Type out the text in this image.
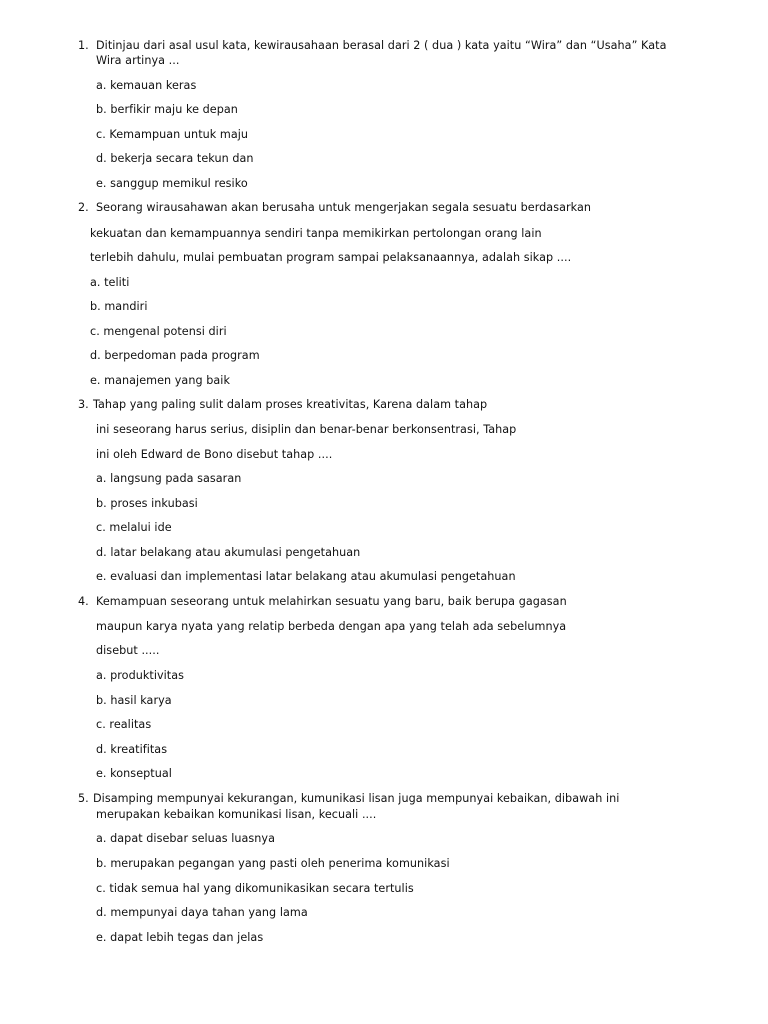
1. Ditinjau dari asal usul kata, kewirausahaan berasal dari 2 ( dua ) kata yaitu “Wira” dan “Usaha” Kata
Wira artinya ...
a. kemauan keras
b. berfikir maju ke depan
c. Kemampuan untuk maju
d. bekerja secara tekun dan
e. sanggup memikul resiko
2. Seorang wirausahawan akan berusaha untuk mengerjakan segala sesuatu berdasarkan
kekuatan dan kemampuannya sendiri tanpa memikirkan pertolongan orang lain
terlebih dahulu, mulai pembuatan program sampai pelaksanaannya, adalah sikap ....
a. teliti
b. mandiri
c. mengenal potensi diri
d. berpedoman pada program
e. manajemen yang baik
3. Tahap yang paling sulit dalam proses kreativitas, Karena dalam tahap
ini seseorang harus serius, disiplin dan benar-benar berkonsentrasi, Tahap
ini oleh Edward de Bono disebut tahap ....
a. langsung pada sasaran
b. proses inkubasi
c. melalui ide
d. latar belakang atau akumulasi pengetahuan
e. evaluasi dan implementasi latar belakang atau akumulasi pengetahuan
4. Kemampuan seseorang untuk melahirkan sesuatu yang baru, baik berupa gagasan
maupun karya nyata yang relatip berbeda dengan apa yang telah ada sebelumnya
disebut .....
a. produktivitas
b. hasil karya
c. realitas
d. kreatifitas
e. konseptual
5. Disamping mempunyai kekurangan, kumunikasi lisan juga mempunyai kebaikan, dibawah ini
merupakan kebaikan komunikasi lisan, kecuali ....
a. dapat disebar seluas luasnya
b. merupakan pegangan yang pasti oleh penerima komunikasi
c. tidak semua hal yang dikomunikasikan secara tertulis
d. mempunyai daya tahan yang lama
e. dapat lebih tegas dan jelas
